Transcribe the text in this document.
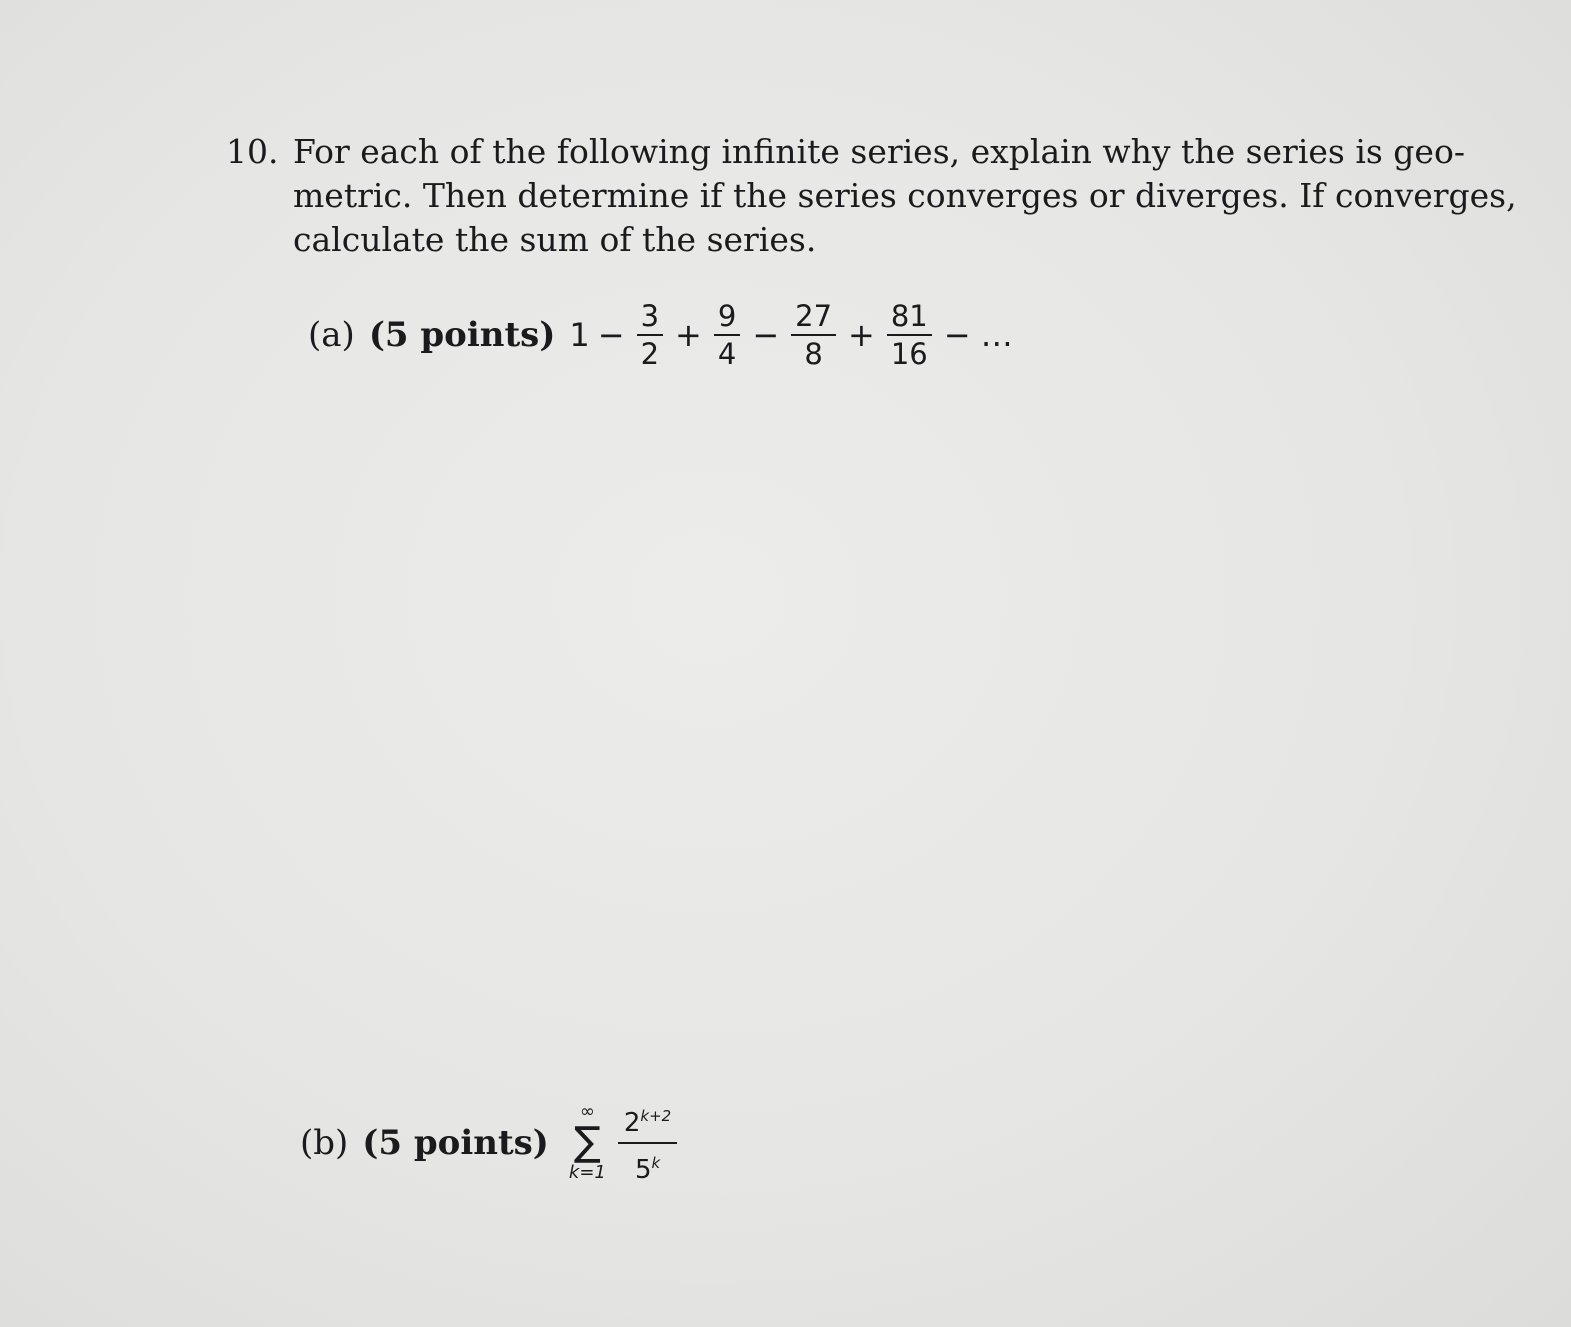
10. For each of the following infinite series, explain why the series is geo-
metric. Then determine if the series converges or diverges. If converges,
calculate the sum of the series.
(a) (5 points) $1 - \frac{3}{2} + \frac{9}{4} - \frac{27}{8} + \frac{81}{16}$ − …
(b) (5 points)
∞
∑
$k=1 \frac{2^{k+2}}{5^k}$
